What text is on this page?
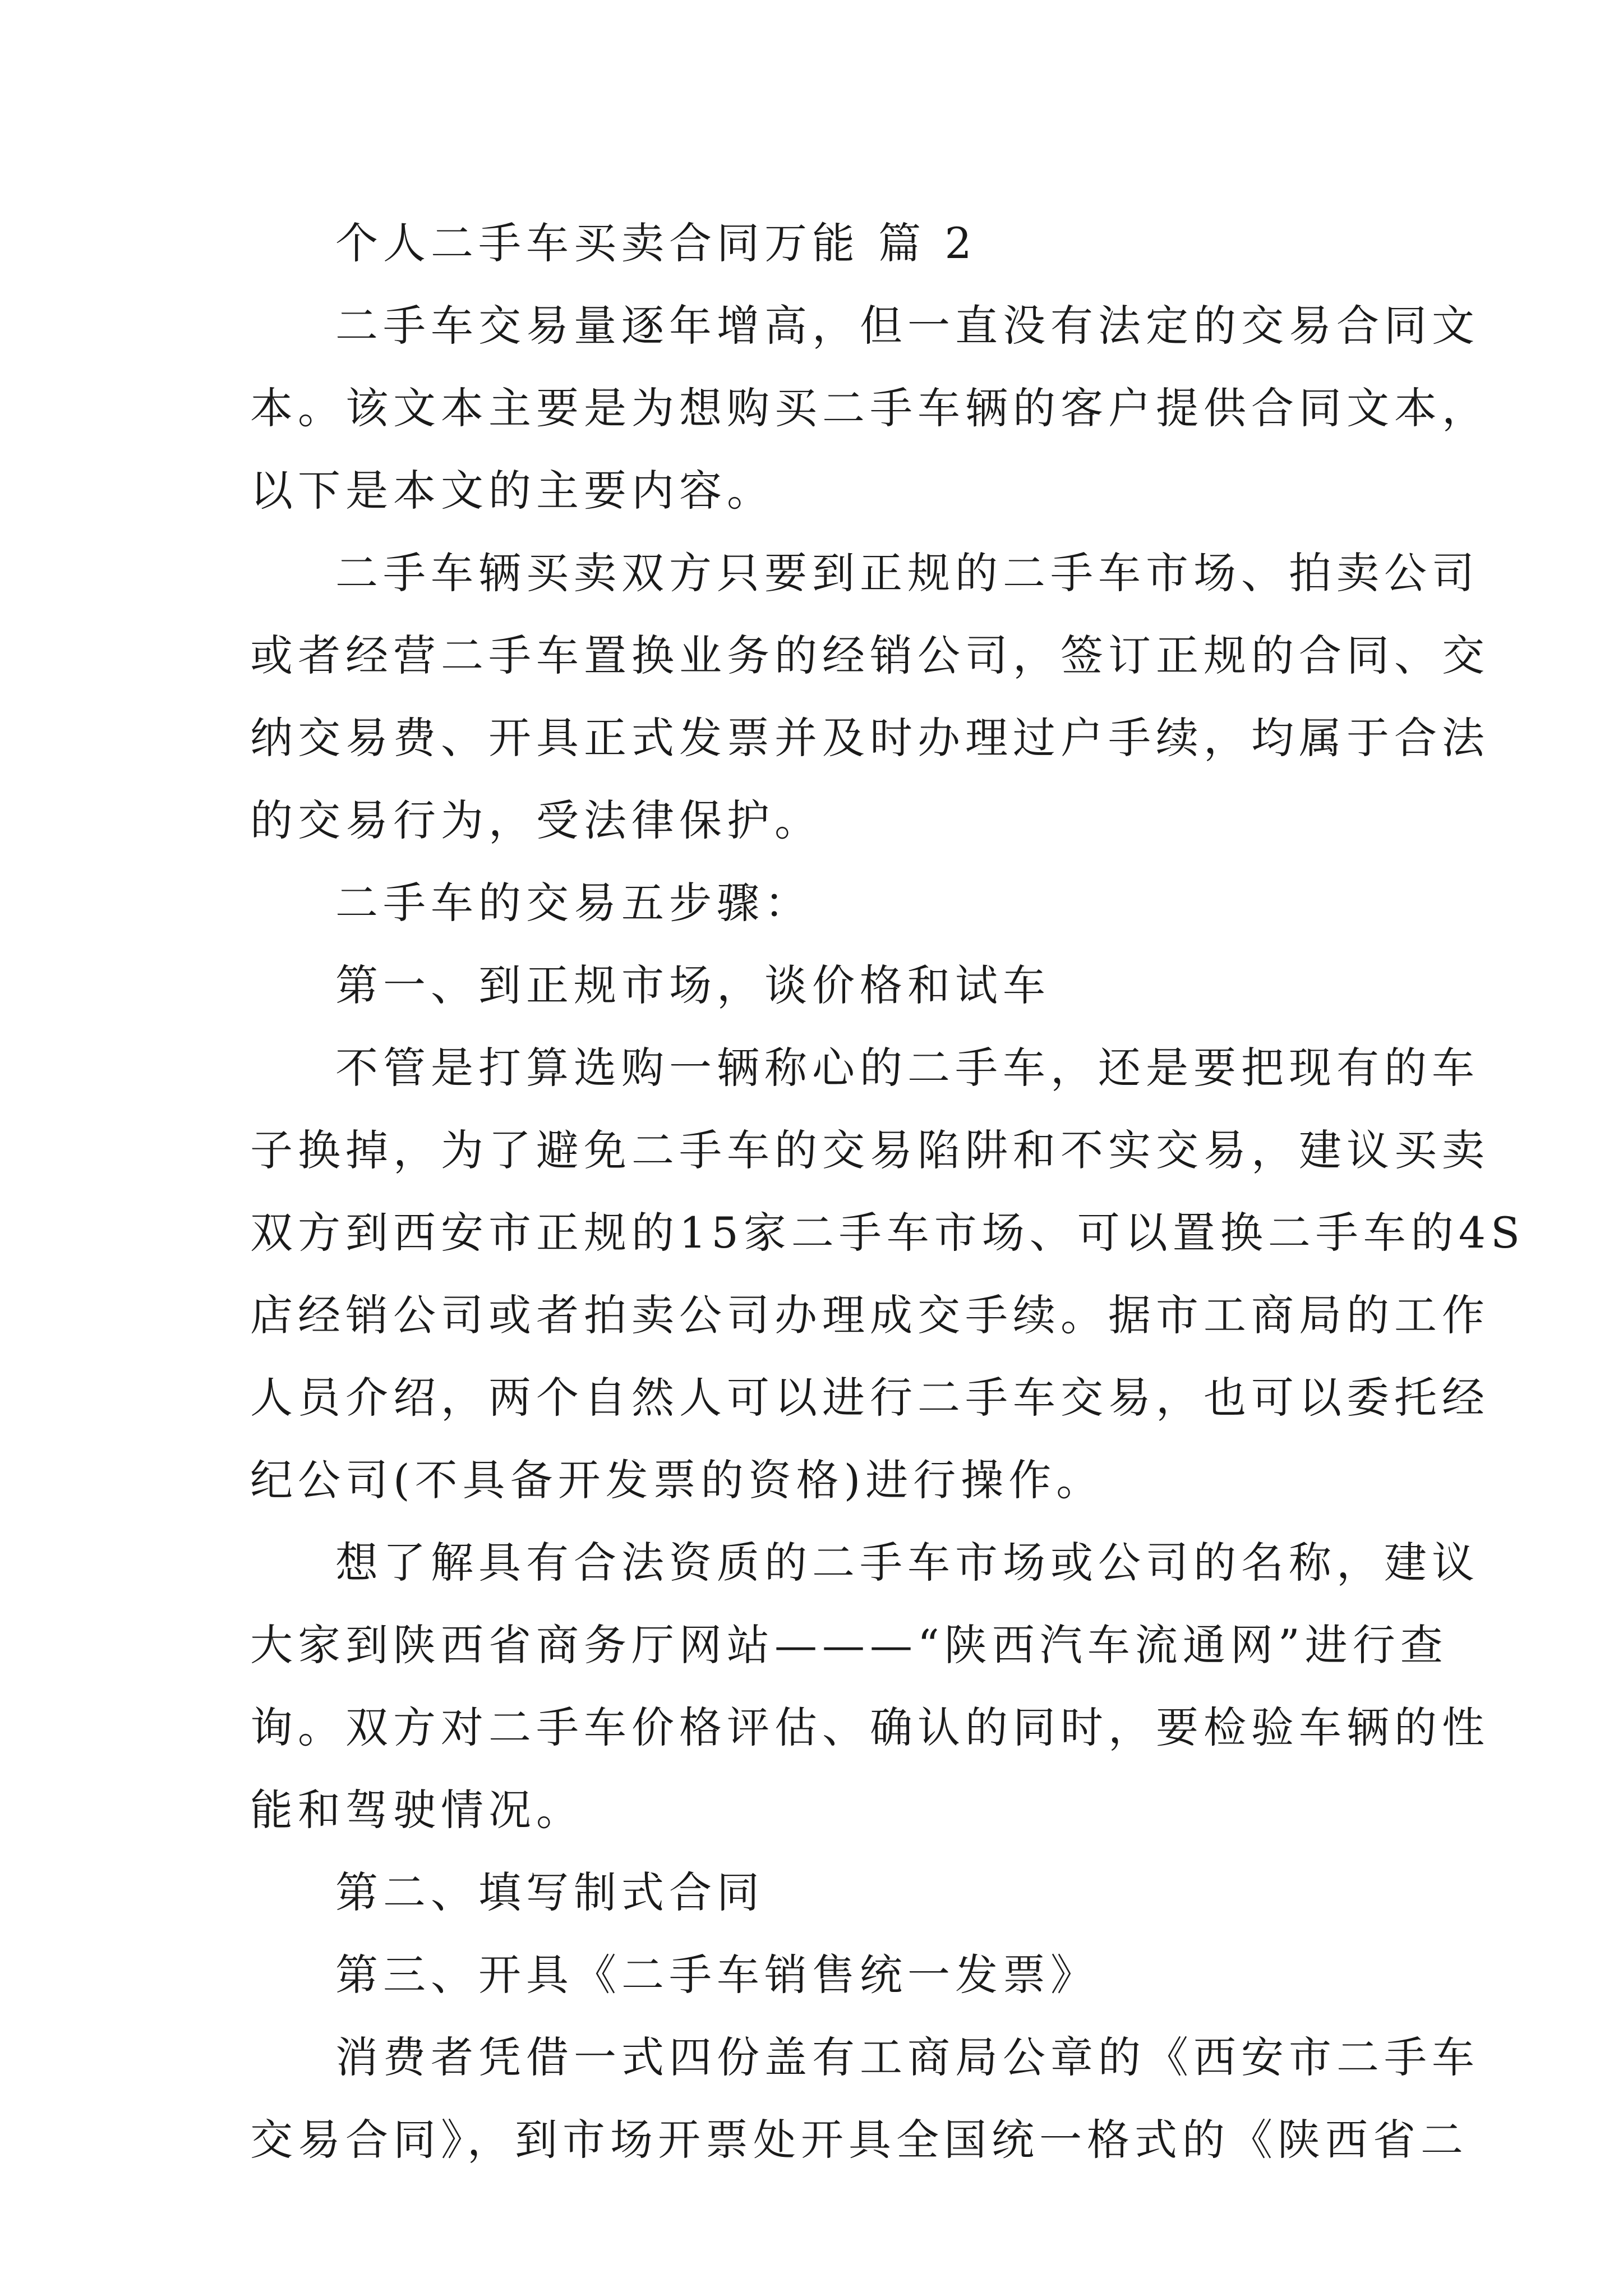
个人二手车买卖合同万能 篇 2
二手车交易量逐年增高，但一直没有法定的交易合同文
本。该文本主要是为想购买二手车辆的客户提供合同文本，
以下是本文的主要内容。
二手车辆买卖双方只要到正规的二手车市场、拍卖公司
或者经营二手车置换业务的经销公司，签订正规的合同、交
纳交易费、开具正式发票并及时办理过户手续，均属于合法
的交易行为，受法律保护。
二手车的交易五步骤：
第一、到正规市场，谈价格和试车
不管是打算选购一辆称心的二手车，还是要把现有的车
子换掉，为了避免二手车的交易陷阱和不实交易，建议买卖
双方到西安市正规的15家二手车市场、可以置换二手车的4S
店经销公司或者拍卖公司办理成交手续。据市工商局的工作
人员介绍，两个自然人可以进行二手车交易，也可以委托经
纪公司(不具备开发票的资格)进行操作。
想了解具有合法资质的二手车市场或公司的名称，建议
大家到陕西省商务厅网站———“陕西汽车流通网”进行查
询。双方对二手车价格评估、确认的同时，要检验车辆的性
能和驾驶情况。
第二、填写制式合同
第三、开具《二手车销售统一发票》
消费者凭借一式四份盖有工商局公章的《西安市二手车
交易合同》，到市场开票处开具全国统一格式的《陕西省二
